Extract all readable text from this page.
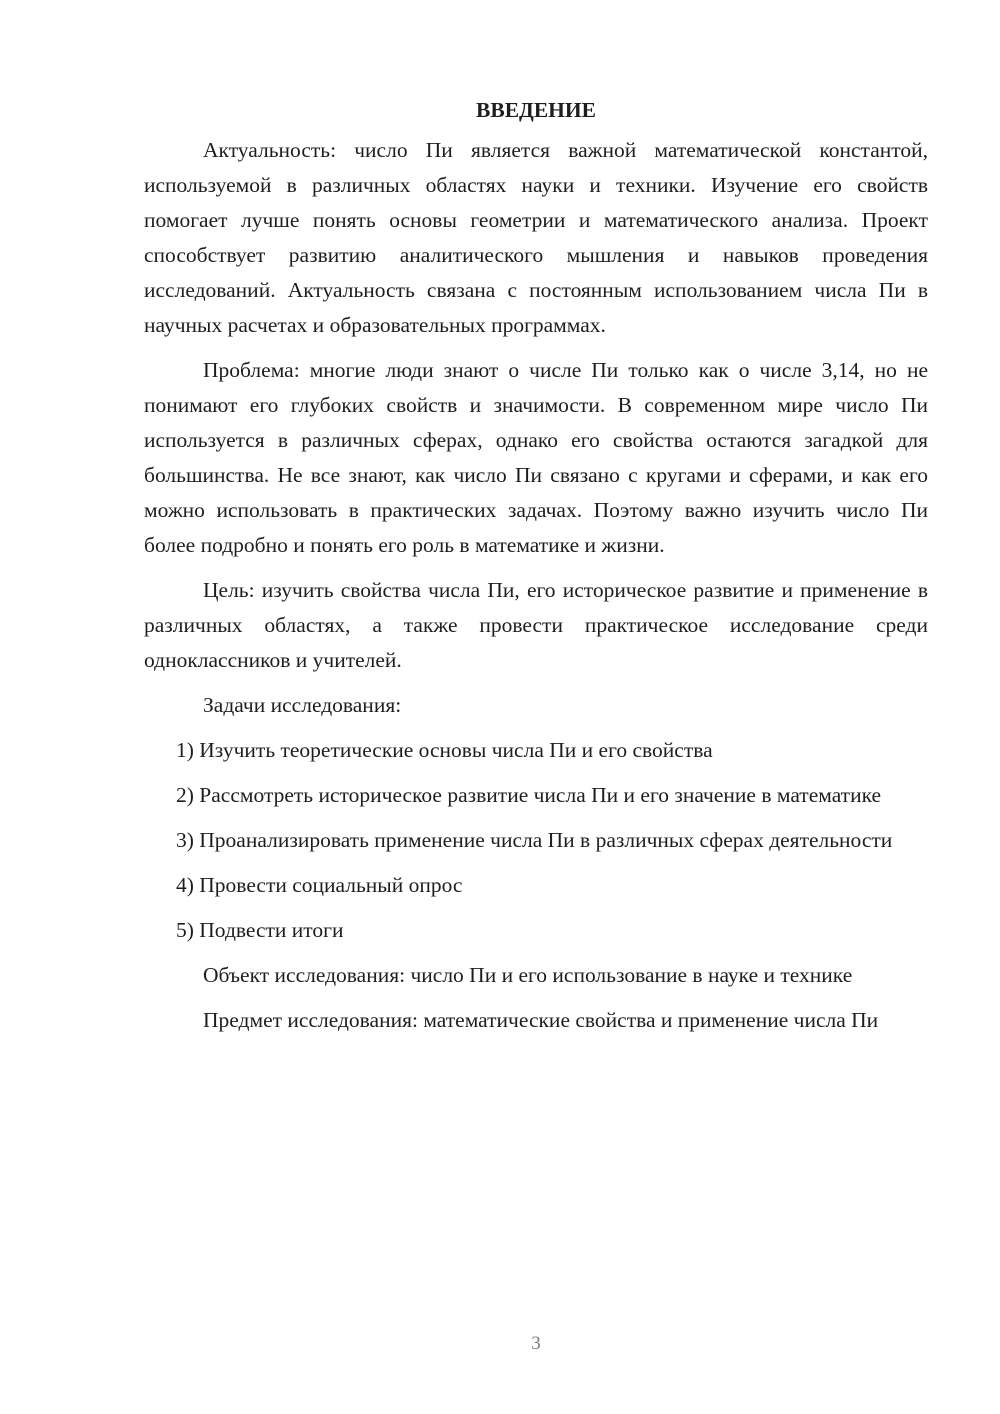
ВВЕДЕНИЕ

Актуальность: число Пи является важной математической константой, используемой в различных областях науки и техники. Изучение его свойств помогает лучше понять основы геометрии и математического анализа. Проект способствует развитию аналитического мышления и навыков проведения исследований. Актуальность связана с постоянным использованием числа Пи в научных расчетах и образовательных программах.

Проблема: многие люди знают о числе Пи только как о числе 3,14, но не понимают его глубоких свойств и значимости. В современном мире число Пи используется в различных сферах, однако его свойства остаются загадкой для большинства. Не все знают, как число Пи связано с кругами и сферами, и как его можно использовать в практических задачах. Поэтому важно изучить число Пи более подробно и понять его роль в математике и жизни.

Цель: изучить свойства числа Пи, его историческое развитие и применение в различных областях, а также провести практическое исследование среди одноклассников и учителей.

Задачи исследования:

1) Изучить теоретические основы числа Пи и его свойства

2) Рассмотреть историческое развитие числа Пи и его значение в математике

3) Проанализировать применение числа Пи в различных сферах деятельности

4) Провести социальный опрос

5) Подвести итоги

Объект исследования: число Пи и его использование в науке и технике

Предмет исследования: математические свойства и применение числа Пи

3
